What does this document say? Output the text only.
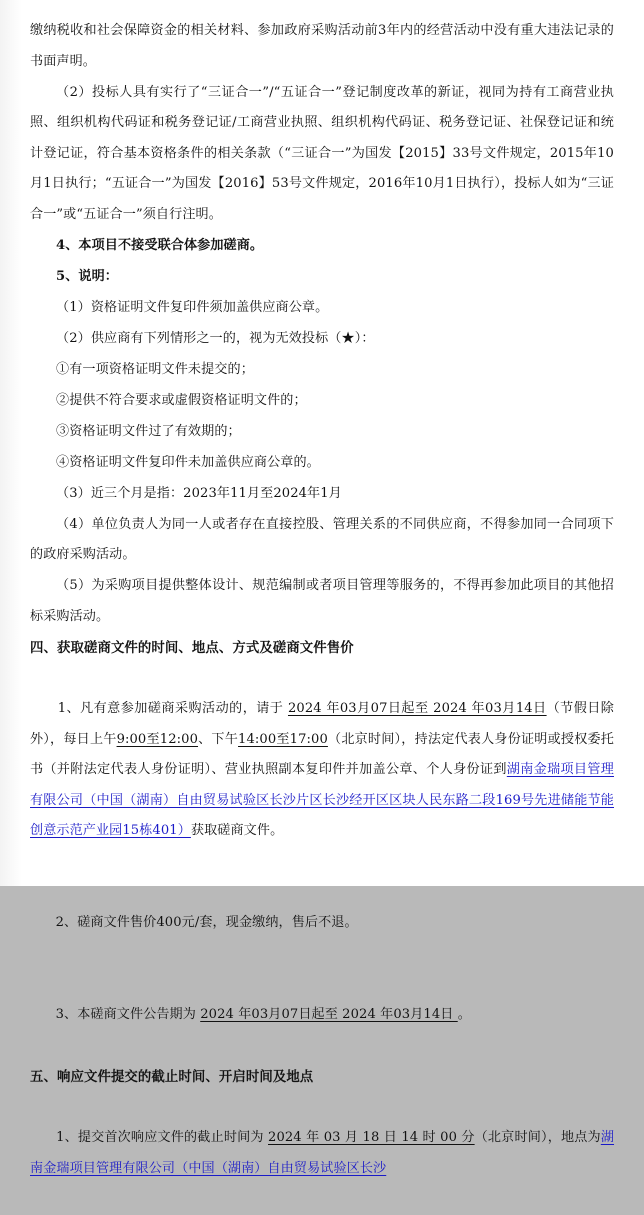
缴纳税收和社会保障资金的相关材料、参加政府采购活动前3年内的经营活动中没有重大违法记录的书面声明。

（2）投标人具有实行了“三证合一”/“五证合一”登记制度改革的新证，视同为持有工商营业执照、组织机构代码证和税务登记证/工商营业执照、组织机构代码证、税务登记证、社保登记证和统计登记证，符合基本资格条件的相关条款（“三证合一”为国发【2015】33号文件规定，2015年10月1日执行；“五证合一”为国发【2016】53号文件规定，2016年10月1日执行），投标人如为“三证合一”或“五证合一”须自行注明。

4、本项目不接受联合体参加磋商。

5、说明：

（1）资格证明文件复印件须加盖供应商公章。

（2）供应商有下列情形之一的，视为无效投标（★）：

①有一项资格证明文件未提交的；

②提供不符合要求或虚假资格证明文件的；

③资格证明文件过了有效期的；

④资格证明文件复印件未加盖供应商公章的。

（3）近三个月是指：2023年11月至2024年1月

（4）单位负责人为同一人或者存在直接控股、管理关系的不同供应商，不得参加同一合同项下的政府采购活动。

（5）为采购项目提供整体设计、规范编制或者项目管理等服务的，不得再参加此项目的其他招标采购活动。

四、获取磋商文件的时间、地点、方式及磋商文件售价

1、凡有意参加磋商采购活动的，请于 2024 年03月07日起至 2024 年03月14日（节假日除外），每日上午9:00至12:00、下午14:00至17:00（北京时间），持法定代表人身份证明或授权委托书（并附法定代表人身份证明）、营业执照副本复印件并加盖公章、个人身份证到湖南金瑞项目管理有限公司（中国（湖南）自由贸易试验区长沙片区长沙经开区区块人民东路二段169号先进储能节能创意示范产业园15栋401）获取磋商文件。

2、磋商文件售价400元/套，现金缴纳，售后不退。

3、本磋商文件公告期为 2024 年03月07日起至 2024 年03月14日 。

五、响应文件提交的截止时间、开启时间及地点

1、提交首次响应文件的截止时间为 2024 年 03 月 18 日 14 时 00 分（北京时间），地点为湖南金瑞项目管理有限公司（中国（湖南）自由贸易试验区长沙
